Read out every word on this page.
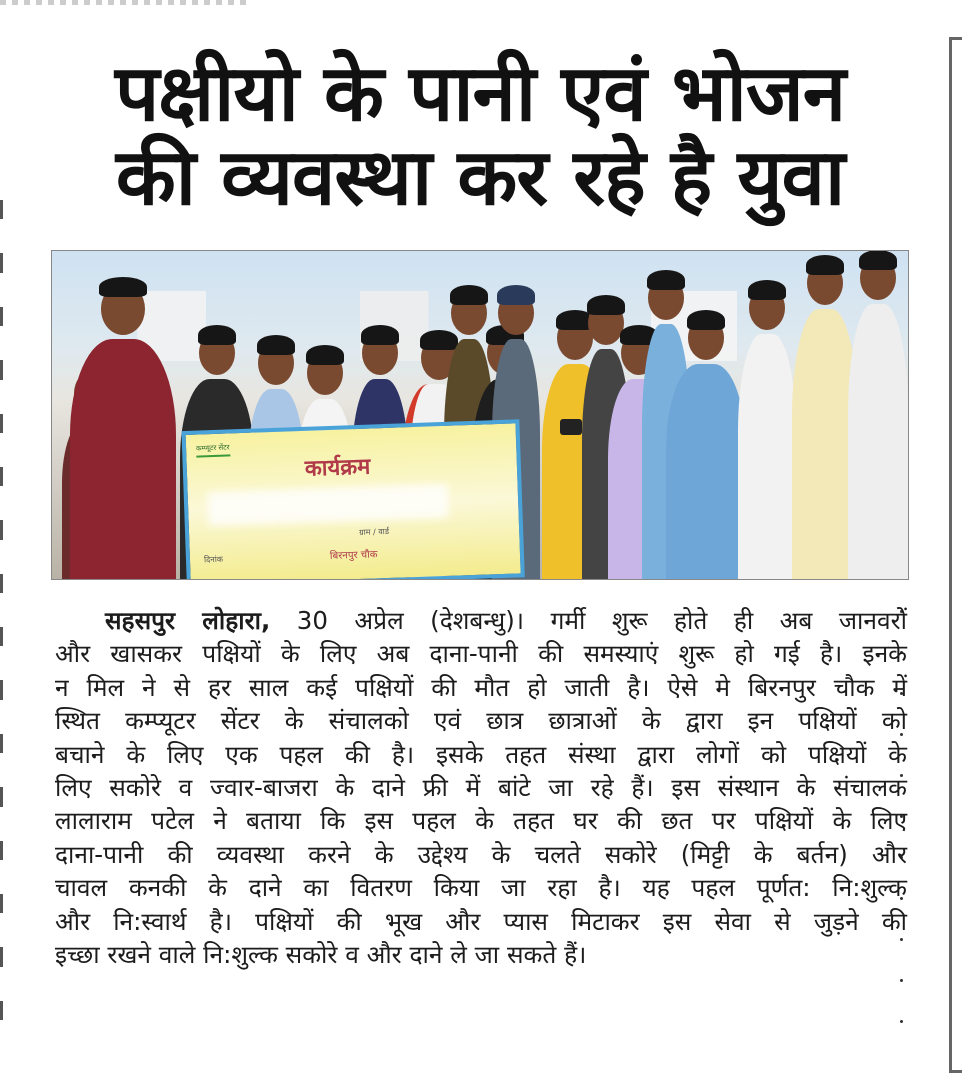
पक्षीयो के पानी एवं भोजन
की व्यवस्था कर रहे है युवा
कम्प्यूटर सेंटर
कार्यक्रम
ग्राम / वार्ड
दिनांक	बिरनपुर चौक
सहसपुर लोहारा, 30 अप्रेल (देशबन्धु)। गर्मी शुरू होते ही अब जानवरों
और खासकर पक्षियों के लिए अब दाना-पानी की समस्याएं शुरू हो गई है। इनके
न मिल ने से हर साल कई पक्षियों की मौत हो जाती है। ऐसे मे बिरनपुर चौक में
स्थित कम्प्यूटर सेंटर के संचालको एवं छात्र छात्राओं के द्वारा इन पक्षियों को
बचाने के लिए एक पहल की है। इसके तहत संस्था द्वारा लोगों को पक्षियों के
लिए सकोरे व ज्वार-बाजरा के दाने फ्री में बांटे जा रहे हैं। इस संस्थान के संचालक
लालाराम पटेल ने बताया कि इस पहल के तहत घर की छत पर पक्षियों के लिए
दाना-पानी की व्यवस्था करने के उद्देश्य के चलते सकोरे (मिट्टी के बर्तन) और
चावल कनकी के दाने का वितरण किया जा रहा है। यह पहल पूर्णत: नि:शुल्क
और नि:स्वार्थ है। पक्षियों की भूख और प्यास मिटाकर इस सेवा से जुड़ने की
इच्छा रखने वाले नि:शुल्क सकोरे व और दाने ले जा सकते हैं।
